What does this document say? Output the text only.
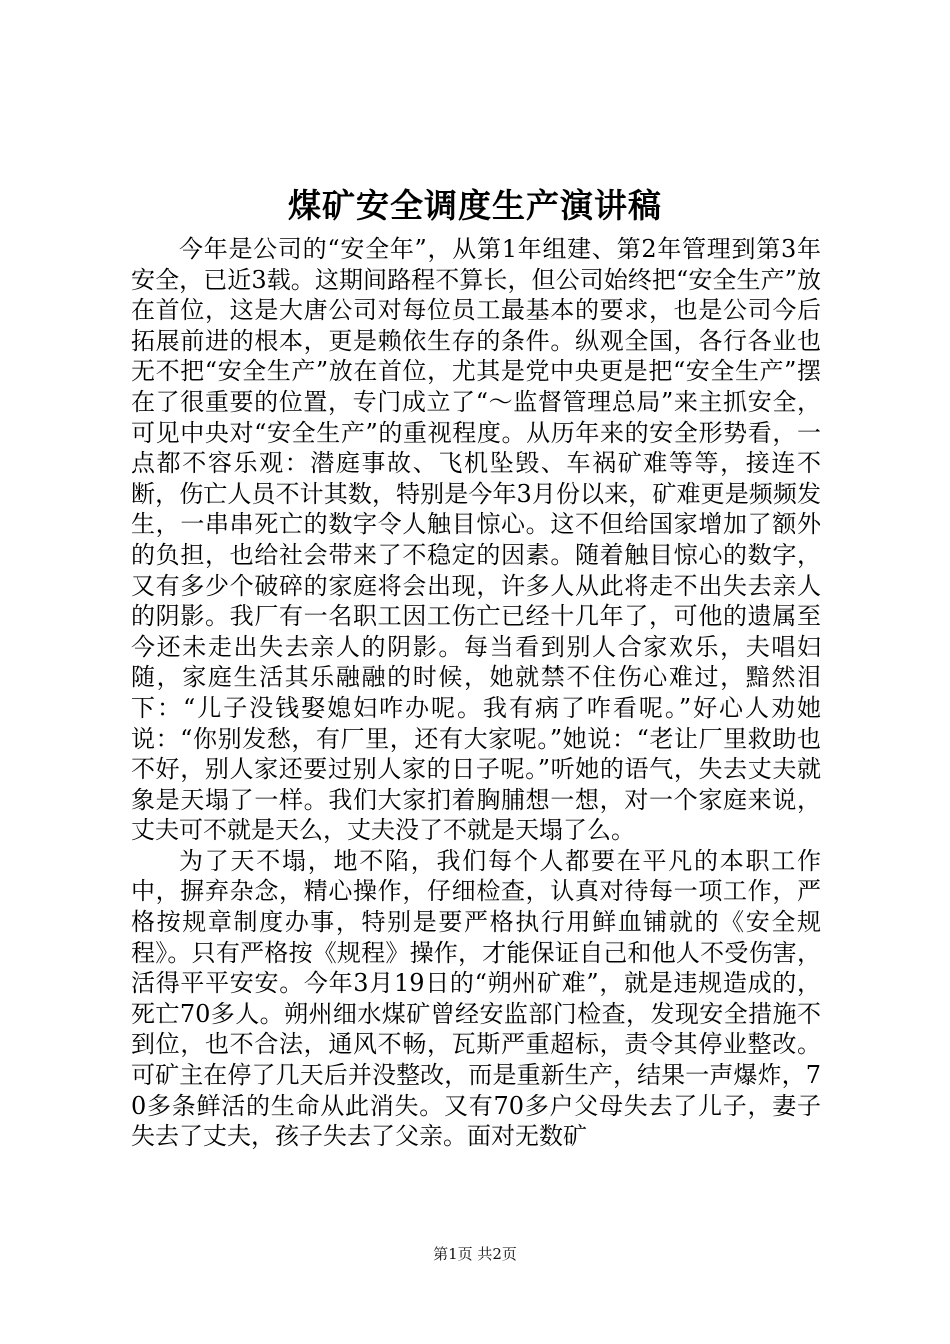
煤矿安全调度生产演讲稿

今年是公司的“安全年”，从第1年组建、第2年管理到第3年安全，已近3载。这期间路程不算长，但公司始终把“安全生产”放在首位，这是大唐公司对每位员工最基本的要求，也是公司今后拓展前进的根本，更是赖依生存的条件。纵观全国，各行各业也无不把“安全生产”放在首位，尤其是党中央更是把“安全生产”摆在了很重要的位置，专门成立了“～监督管理总局”来主抓安全，可见中央对“安全生产”的重视程度。从历年来的安全形势看，一点都不容乐观：潜庭事故、飞机坠毁、车祸矿难等等，接连不断，伤亡人员不计其数，特别是今年3月份以来，矿难更是频频发生，一串串死亡的数字令人触目惊心。这不但给国家增加了额外的负担，也给社会带来了不稳定的因素。随着触目惊心的数字，又有多少个破碎的家庭将会出现，许多人从此将走不出失去亲人的阴影。我厂有一名职工因工伤亡已经十几年了，可他的遗属至今还未走出失去亲人的阴影。每当看到别人合家欢乐，夫唱妇随，家庭生活其乐融融的时候，她就禁不住伤心难过，黯然泪下：“儿子没钱娶媳妇咋办呢。我有病了咋看呢。”好心人劝她说：“你别发愁，有厂里，还有大家呢。”她说：“老让厂里救助也不好，别人家还要过别人家的日子呢。”听她的语气，失去丈夫就象是天塌了一样。我们大家扪着胸脯想一想，对一个家庭来说，丈夫可不就是天么，丈夫没了不就是天塌了么。

为了天不塌，地不陷，我们每个人都要在平凡的本职工作中，摒弃杂念，精心操作，仔细检查，认真对待每一项工作，严格按规章制度办事，特别是要严格执行用鲜血铺就的《安全规程》。只有严格按《规程》操作，才能保证自己和他人不受伤害，活得平平安安。今年3月19日的“朔州矿难”，就是违规造成的，死亡70多人。朔州细水煤矿曾经安监部门检查，发现安全措施不到位，也不合法，通风不畅，瓦斯严重超标，责令其停业整改。可矿主在停了几天后并没整改，而是重新生产，结果一声爆炸，70多条鲜活的生命从此消失。又有70多户父母失去了儿子，妻子失去了丈夫，孩子失去了父亲。面对无数矿

第1页 共2页
